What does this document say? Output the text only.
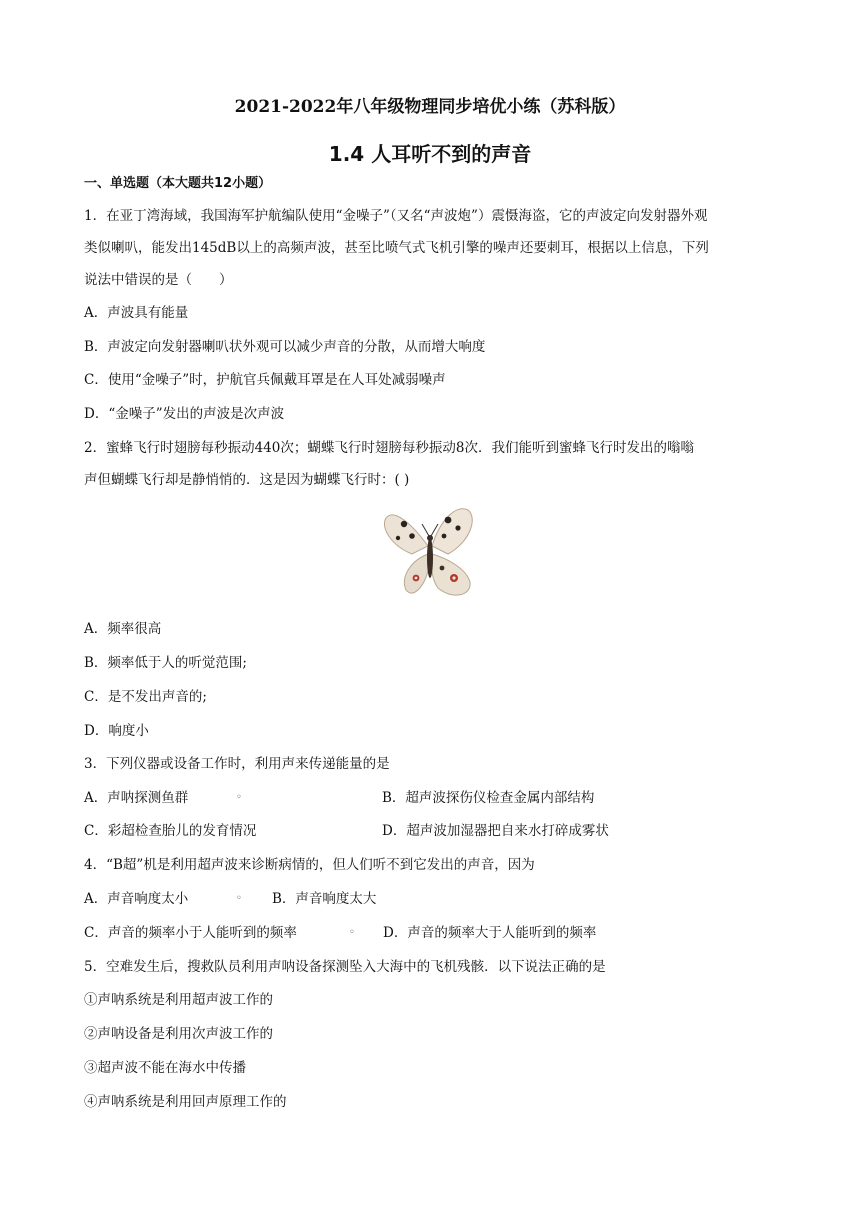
2021-2022年八年级物理同步培优小练（苏科版）
1.4 人耳听不到的声音
一、单选题（本大题共12小题）
1．在亚丁湾海域，我国海军护航编队使用“金噪子”（又名“声波炮”）震慑海盗，它的声波定向发射器外观
类似喇叭，能发出145dB以上的高频声波，甚至比喷气式飞机引擎的噪声还要刺耳，根据以上信息，下列
说法中错误的是（　　）
A．声波具有能量
B．声波定向发射器喇叭状外观可以减少声音的分散，从而增大响度
C．使用“金噪子”时，护航官兵佩戴耳罩是在人耳处减弱噪声
D．“金噪子”发出的声波是次声波
2．蜜蜂飞行时翅膀每秒振动440次；蝴蝶飞行时翅膀每秒振动8次．我们能听到蜜蜂飞行时发出的嗡嗡
声但蝴蝶飞行却是静悄悄的．这是因为蝴蝶飞行时：( )
A．频率很高
B．频率低于人的听觉范围;
C．是不发出声音的;
D．响度小
3．下列仪器或设备工作时，利用声来传递能量的是
A．声呐探测鱼群	◦	B．超声波探伤仪检查金属内部结构
C．彩超检查胎儿的发育情况	D．超声波加湿器把自来水打碎成雾状
4．“B超”机是利用超声波来诊断病情的，但人们听不到它发出的声音，因为
A．声音响度太小	◦ B．声音响度太大
C．声音的频率小于人能听到的频率	◦ D．声音的频率大于人能听到的频率
5．空难发生后，搜救队员利用声呐设备探测坠入大海中的飞机残骸．以下说法正确的是
①声呐系统是利用超声波工作的
②声呐设备是利用次声波工作的
③超声波不能在海水中传播
④声呐系统是利用回声原理工作的
